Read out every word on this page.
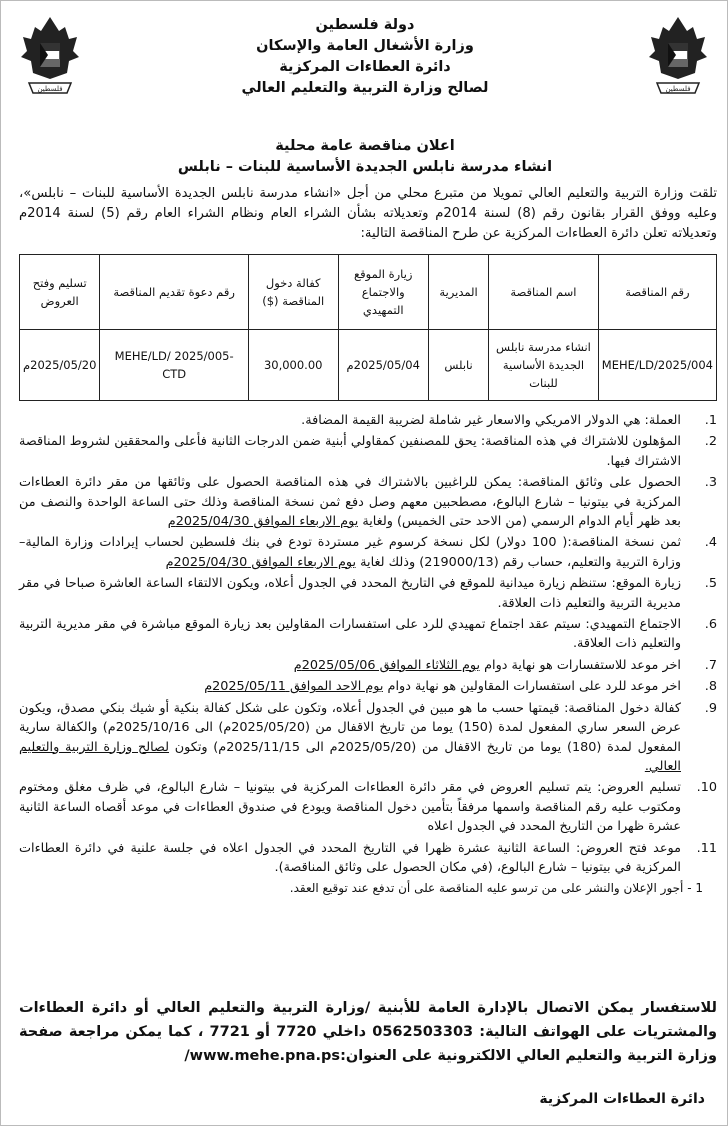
فلسطين	فلسطين
دولة فلسطين
وزارة الأشغال العامة والإسكان
دائرة العطاءات المركزية
لصالح وزارة التربية والتعليم العالي
اعلان مناقصة عامة محلية
انشاء مدرسة نابلس الجديدة الأساسية للبنات – نابلس
تلقت وزارة التربية والتعليم العالي تمويلا من متبرع محلي من أجل «انشاء مدرسة نابلس الجديدة الأساسية للبنات – نابلس»، وعليه ووفق القرار بقانون رقم (8) لسنة 2014م وتعديلاته بشأن الشراء العام ونظام الشراء العام رقم (5) لسنة 2014م وتعديلاته تعلن دائرة العطاءات المركزية عن طرح المناقصة التالية:
رقم المناقصة	اسم المناقصة	المديرية	زيارة الموقع والاجتماع التمهيدي	كفالة دخول المناقصة ($)	رقم دعوة تقديم المناقصة	تسليم وفتح العروض
MEHE/LD/2025/004	انشاء مدرسة نابلس الجديدة الأساسية للبنات	نابلس	2025/05/04م	30,000.00	MEHE/LD/ 2025/005- CTD	2025/05/20م
1.
العملة: هي الدولار الامريكي والاسعار غير شاملة لضريبة القيمة المضافة.
2.
المؤهلون للاشتراك في هذه المناقصة: يحق للمصنفين كمقاولي أبنية ضمن الدرجات الثانية فأعلى والمحققين لشروط المناقصة الاشتراك فيها.
3.
الحصول على وثائق المناقصة: يمكن للراغبين بالاشتراك في هذه المناقصة الحصول على وثائقها من مقر دائرة العطاءات المركزية في بيتونيا – شارع البالوع، مصطحبين معهم وصل دفع ثمن نسخة المناقصة وذلك حتى الساعة الواحدة والنصف من بعد ظهر أيام الدوام الرسمي (من الاحد حتى الخميس) ولغاية يوم الاربعاء الموافق 2025/04/30م
4.
ثمن نسخة المناقصة:( 100 دولار) لكل نسخة كرسوم غير مستردة تودع في بنك فلسطين لحساب إيرادات وزارة المالية– وزارة التربية والتعليم، حساب رقم (219000/13) وذلك لغاية يوم الاربعاء الموافق 2025/04/30م
5.
زيارة الموقع: ستنظم زيارة ميدانية للموقع في التاريخ المحدد في الجدول أعلاه، ويكون الالتقاء الساعة العاشرة صباحا في مقر مديرية التربية والتعليم ذات العلاقة.
6.
الاجتماع التمهيدي: سيتم عقد اجتماع تمهيدي للرد على استفسارات المقاولين بعد زيارة الموقع مباشرة في مقر مديرية التربية والتعليم ذات العلاقة.
7.
اخر موعد للاستفسارات هو نهاية دوام يوم الثلاثاء الموافق 2025/05/06م
8.
اخر موعد للرد على استفسارات المقاولين هو نهاية دوام يوم الاحد الموافق 2025/05/11م
9.
كفالة دخول المناقصة: قيمتها حسب ما هو مبين في الجدول أعلاه، وتكون على شكل كفالة بنكية أو شيك بنكي مصدق، ويكون عرض السعر ساري المفعول لمدة (150) يوما من تاريخ الاقفال من (2025/05/20م) الى 2025/10/16م) والكفالة سارية المفعول لمدة (180) يوما من تاريخ الاقفال من (2025/05/20م الى 2025/11/15م) وتكون لصالح وزارة التربية والتعليم العالي.
10.
تسليم العروض: يتم تسليم العروض في مقر دائرة العطاءات المركزية في بيتونيا – شارع البالوع، في ظرف مغلق ومختوم ومكتوب عليه رقم المناقصة واسمها مرفقاً بتأمين دخول المناقصة ويودع في صندوق العطاءات في موعد أقصاه الساعة الثانية عشرة ظهرا من التاريخ المحدد في الجدول اعلاه
11.
موعد فتح العروض: الساعة الثانية عشرة ظهرا في التاريخ المحدد في الجدول اعلاه في جلسة علنية في دائرة العطاءات المركزية في بيتونيا – شارع البالوع، (في مكان الحصول على وثائق المناقصة).
1 - أجور الإعلان والنشر على من ترسو عليه المناقصة على أن تدفع عند توقيع العقد.
للاستفسار يمكن الاتصال بالإدارة العامة للأبنية /وزارة التربية والتعليم العالي أو دائرة العطاءات والمشتريات على الهواتف التالية: 0562503303 داخلي 7720 أو 7721 ، كما يمكن مراجعة صفحة وزارة التربية والتعليم العالي الالكترونية على العنوان:www.mehe.pna.ps/
دائرة العطاءات المركزية
